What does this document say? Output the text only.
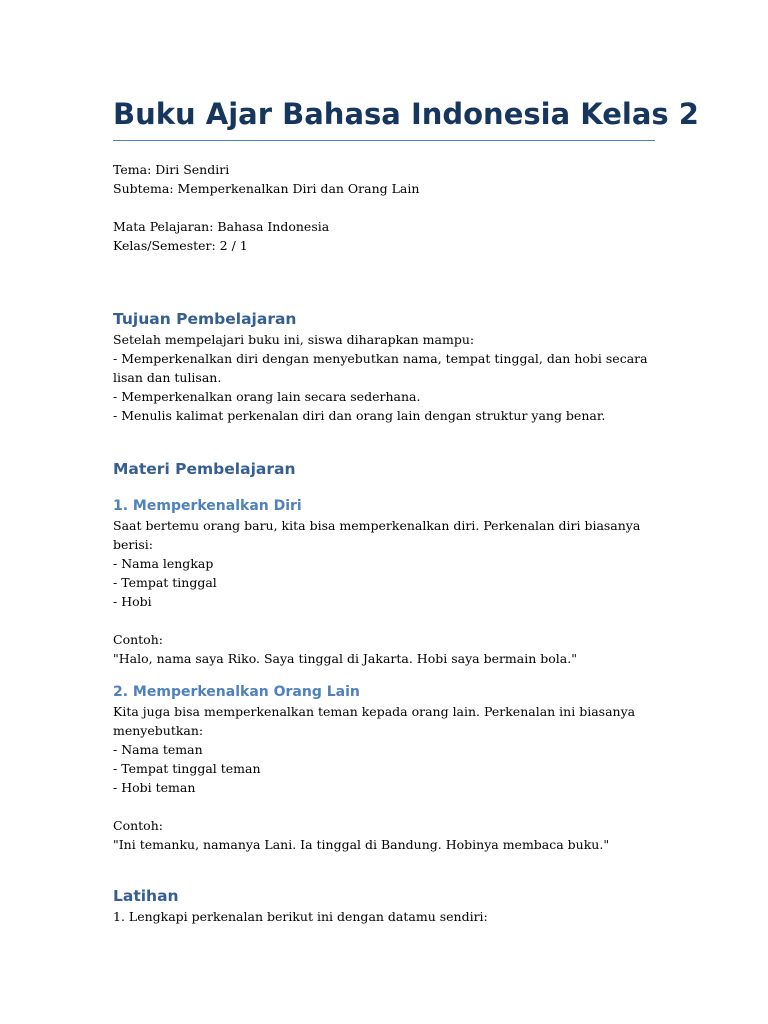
Buku Ajar Bahasa Indonesia Kelas 2

Tema: Diri Sendiri

Subtema: Memperkenalkan Diri dan Orang Lain

Mata Pelajaran: Bahasa Indonesia

Kelas/Semester: 2 / 1

Tujuan Pembelajaran

Setelah mempelajari buku ini, siswa diharapkan mampu:

- Memperkenalkan diri dengan menyebutkan nama, tempat tinggal, dan hobi secara lisan dan tulisan.
- Memperkenalkan orang lain secara sederhana.
- Menulis kalimat perkenalan diri dan orang lain dengan struktur yang benar.
Materi Pembelajaran
1. Memperkenalkan Diri

Saat bertemu orang baru, kita bisa memperkenalkan diri. Perkenalan diri biasanya berisi:

- Nama lengkap
- Tempat tinggal
- Hobi

Contoh:

"Halo, nama saya Riko. Saya tinggal di Jakarta. Hobi saya bermain bola."

2. Memperkenalkan Orang Lain

Kita juga bisa memperkenalkan teman kepada orang lain. Perkenalan ini biasanya menyebutkan:

- Nama teman
- Tempat tinggal teman
- Hobi teman

Contoh:

"Ini temanku, namanya Lani. Ia tinggal di Bandung. Hobinya membaca buku."

Latihan
1. Lengkapi perkenalan berikut ini dengan datamu sendiri:
